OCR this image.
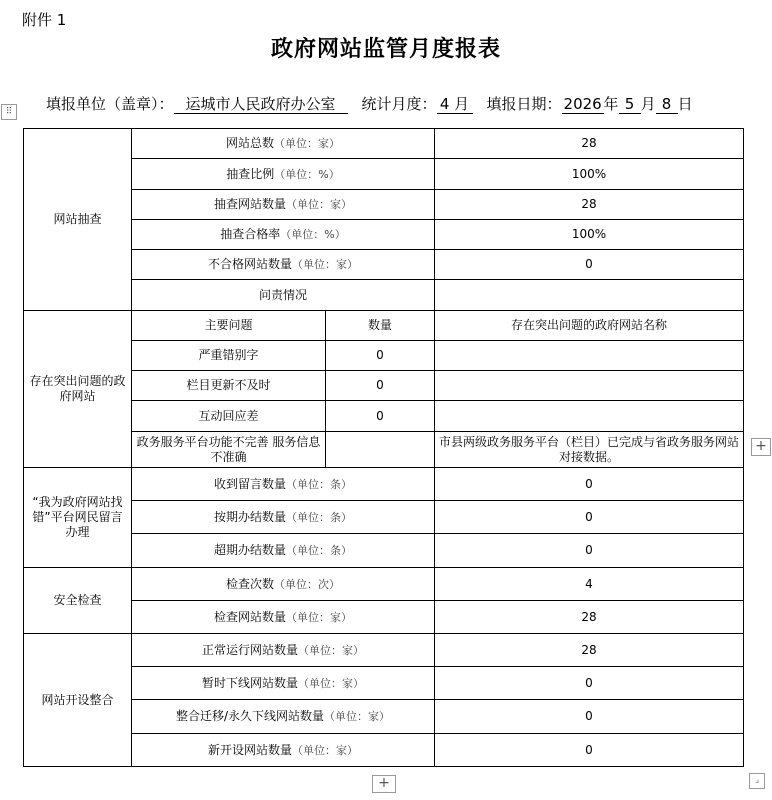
附件 1
政府网站监管月度报表
填报单位（盖章）： 运城市人民政府办公室 统计月度： 4 月 填报日期： 2026 年 5 月 8 日
⠿
网站抽查	网站总数（单位：家）		28
	抽查比例（单位：%）		100%
	抽查网站数量（单位：家）		28
	抽查合格率（单位：%）		100%
	不合格网站数量（单位：家）		0
	问责情况		
存在突出问题的政府网站	主要问题	数量	存在突出问题的政府网站名称
	严重错别字	0	
	栏目更新不及时	0	
	互动回应差	0	
	政务服务平台功能不完善 服务信息不准确		市县两级政务服务平台（栏目）已完成与省政务服务网站对接数据。
“我为政府网站找错”平台网民留言办理	收到留言数量（单位：条）		0
	按期办结数量（单位：条）		0
	超期办结数量（单位：条）		0
安全检查	检查次数（单位：次）		4
	检查网站数量（单位：家）		28
网站开设整合	正常运行网站数量（单位：家）		28
	暂时下线网站数量（单位：家）		0
	整合迁移/永久下线网站数量（单位：家）		0
	新开设网站数量（单位：家）		0
+
+	⌟
